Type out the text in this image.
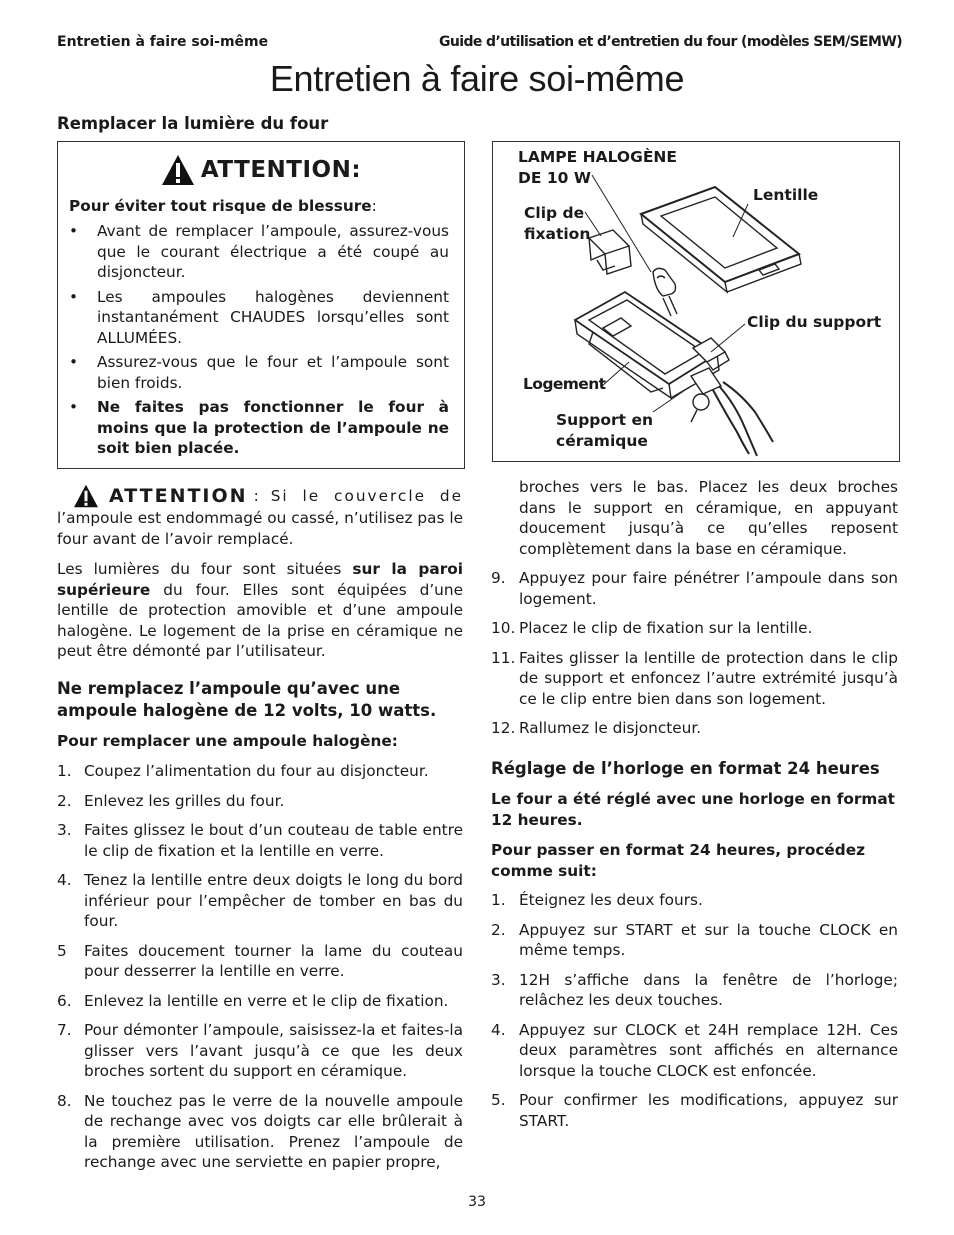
Entretien à faire soi-même	Guide d’utilisation et d’entretien du four (modèles SEM/SEMW)
Entretien à faire soi-même
Remplacer la lumière du four
ATTENTION:
Pour éviter tout risque de blessure:
• Avant de remplacer l’ampoule, assurez-vous que le courant électrique a été coupé au disjoncteur.
• Les ampoules halogènes deviennent instantanément CHAUDES lorsqu’elles sont ALLUMÉES.
• Assurez-vous que le four et l’ampoule sont bien froids.
• Ne faites pas fonctionner le four à moins que la protection de l’ampoule ne soit bien placée.
ATTENTION : Si le couvercle de
l’ampoule est endommagé ou cassé, n’utilisez pas le four avant de l’avoir remplacé.
Les lumières du four sont situées sur la paroi supérieure du four. Elles sont équipées d’une lentille de protection amovible et d’une ampoule halogène. Le logement de la prise en céramique ne peut être démonté par l’utilisateur.
Ne remplacez l’ampoule qu’avec une ampoule halogène de 12 volts, 10 watts.
Pour remplacer une ampoule halogène:
1. Coupez l’alimentation du four au disjoncteur.
2. Enlevez les grilles du four.
3. Faites glissez le bout d’un couteau de table entre le clip de fixation et la lentille en verre.
4. Tenez la lentille entre deux doigts le long du bord inférieur pour l’empêcher de tomber en bas du four.
5 Faites doucement tourner la lame du couteau pour desserrer la lentille en verre.
6. Enlevez la lentille en verre et le clip de fixation.
7. Pour démonter l’ampoule, saisissez-la et faites-la glisser vers l’avant jusqu’à ce que les deux broches sortent du support en céramique.
8. Ne touchez pas le verre de la nouvelle ampoule de rechange avec vos doigts car elle brûlerait à la première utilisation. Prenez l’ampoule de rechange avec une serviette en papier propre,
LAMPE HALOGÈNE
DE 10 W
Lentille
Clip de
fixation
Clip du support
Logement
Support en
céramique
broches vers le bas. Placez les deux broches dans le support en céramique, en appuyant doucement jusqu’à ce qu’elles reposent complètement dans la base en céramique.
9. Appuyez pour faire pénétrer l’ampoule dans son logement.
10. Placez le clip de fixation sur la lentille.
11. Faites glisser la lentille de protection dans le clip de support et enfoncez l’autre extrémité jusqu’à ce le clip entre bien dans son logement.
12. Rallumez le disjoncteur.
Réglage de l’horloge en format 24 heures
Le four a été réglé avec une horloge en format 12 heures.
Pour passer en format 24 heures, procédez comme suit:
1. Éteignez les deux fours.
2. Appuyez sur START et sur la touche CLOCK en même temps.
3. 12H s’affiche dans la fenêtre de l’horloge; relâchez les deux touches.
4. Appuyez sur CLOCK et 24H remplace 12H. Ces deux paramètres sont affichés en alternance lorsque la touche CLOCK est enfoncée.
5. Pour confirmer les modifications, appuyez sur START.
33
